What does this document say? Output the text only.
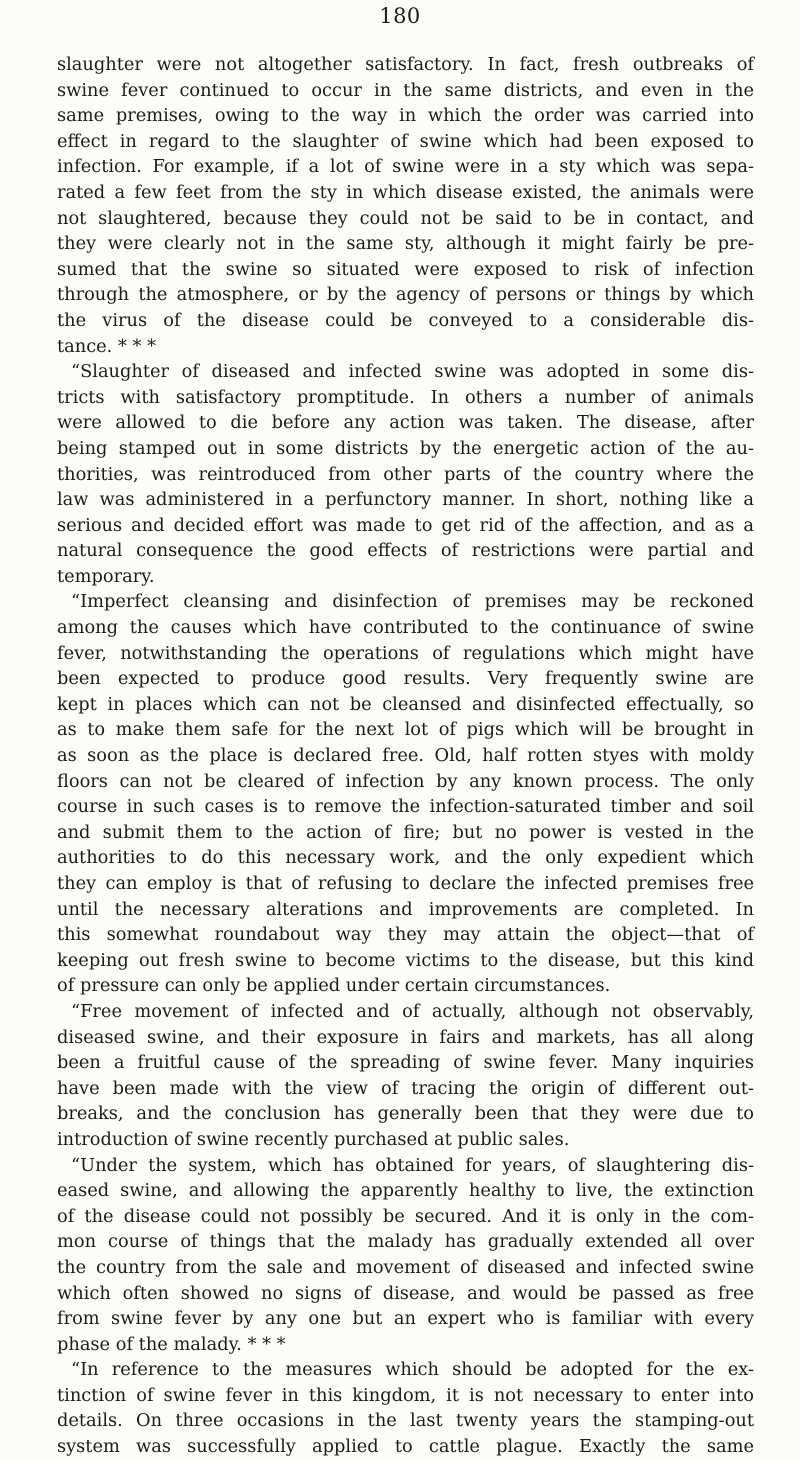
180
slaughter were not altogether satisfactory. In fact, fresh outbreaks of
swine fever continued to occur in the same districts, and even in the
same premises, owing to the way in which the order was carried into
effect in regard to the slaughter of swine which had been exposed to
infection. For example, if a lot of swine were in a sty which was sepa-
rated a few feet from the sty in which disease existed, the animals were
not slaughtered, because they could not be said to be in contact, and
they were clearly not in the same sty, although it might fairly be pre-
sumed that the swine so situated were exposed to risk of infection
through the atmosphere, or by the agency of persons or things by which
the virus of the disease could be conveyed to a considerable dis-
tance. * * *
“Slaughter of diseased and infected swine was adopted in some dis-
tricts with satisfactory promptitude. In others a number of animals
were allowed to die before any action was taken. The disease, after
being stamped out in some districts by the energetic action of the au-
thorities, was reintroduced from other parts of the country where the
law was administered in a perfunctory manner. In short, nothing like a
serious and decided effort was made to get rid of the affection, and as a
natural consequence the good effects of restrictions were partial and
temporary.
“Imperfect cleansing and disinfection of premises may be reckoned
among the causes which have contributed to the continuance of swine
fever, notwithstanding the operations of regulations which might have
been expected to produce good results. Very frequently swine are
kept in places which can not be cleansed and disinfected effectually, so
as to make them safe for the next lot of pigs which will be brought in
as soon as the place is declared free. Old, half rotten styes with moldy
floors can not be cleared of infection by any known process. The only
course in such cases is to remove the infection-saturated timber and soil
and submit them to the action of fire; but no power is vested in the
authorities to do this necessary work, and the only expedient which
they can employ is that of refusing to declare the infected premises free
until the necessary alterations and improvements are completed. In
this somewhat roundabout way they may attain the object—that of
keeping out fresh swine to become victims to the disease, but this kind
of pressure can only be applied under certain circumstances.
“Free movement of infected and of actually, although not observably,
diseased swine, and their exposure in fairs and markets, has all along
been a fruitful cause of the spreading of swine fever. Many inquiries
have been made with the view of tracing the origin of different out-
breaks, and the conclusion has generally been that they were due to
introduction of swine recently purchased at public sales.
“Under the system, which has obtained for years, of slaughtering dis-
eased swine, and allowing the apparently healthy to live, the extinction
of the disease could not possibly be secured. And it is only in the com-
mon course of things that the malady has gradually extended all over
the country from the sale and movement of diseased and infected swine
which often showed no signs of disease, and would be passed as free
from swine fever by any one but an expert who is familiar with every
phase of the malady. * * *
“In reference to the measures which should be adopted for the ex-
tinction of swine fever in this kingdom, it is not necessary to enter into
details. On three occasions in the last twenty years the stamping-out
system was successfully applied to cattle plague. Exactly the same
